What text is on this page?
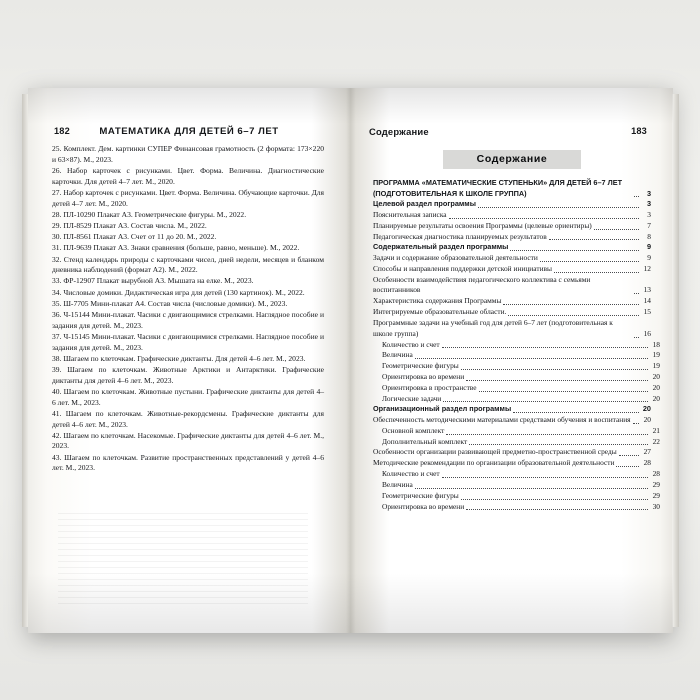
182	МАТЕМАТИКА ДЛЯ ДЕТЕЙ 6–7 ЛЕТ

25. Комплект. Дем. картинки СУПЕР Финансовая грамотность (2 формата: 173×220 и 63×87). М., 2023.

26. Набор карточек с рисунками. Цвет. Форма. Величина. Диагностические карточки. Для детей 4–7 лет. М., 2020.

27. Набор карточек с рисунками. Цвет. Форма. Величина. Обучающие карточки. Для детей 4–7 лет. М., 2020.

28. ПЛ-10290 Плакат А3. Геометрические фигуры. М., 2022.

29. ПЛ-8529 Плакат А3. Состав числа. М., 2022.

30. ПЛ-8561 Плакат А3. Счет от 11 до 20. М., 2022.

31. ПЛ-9639 Плакат А3. Знаки сравнения (больше, равно, меньше). М., 2022.

32. Стенд календарь природы с карточками чисел, дней недели, месяцев и бланком дневника наблюдений (формат А2). М., 2022.

33. ФР-12907 Плакат вырубной А3. Мышата на елке. М., 2023.

34. Числовые домики. Дидактическая игра для детей (130 картинок). М., 2022.

35. Ш-7705 Мини-плакат А4. Состав числа (числовые домики). М., 2023.

36. Ч-15144 Мини-плакат. Часики с двигающимися стрелками. Наглядное пособие и задания для детей. М., 2023.

37. Ч-15145 Мини-плакат. Часики с двигающимися стрелками. Наглядное пособие и задания для детей. М., 2023.

38. Шагаем по клеточкам. Графические диктанты. Для детей 4–6 лет. М., 2023.

39. Шагаем по клеточкам. Животные Арктики и Антарктики. Графические диктанты для детей 4–6 лет. М., 2023.

40. Шагаем по клеточкам. Животные пустыни. Графические диктанты для детей 4–6 лет. М., 2023.

41. Шагаем по клеточкам. Животные-рекордсмены. Графические диктанты для детей 4–6 лет. М., 2023.

42. Шагаем по клеточкам. Насекомые. Графические диктанты для детей 4–6 лет. М., 2023.

43. Шагаем по клеточкам. Развитие пространственных представлений у детей 4–6 лет. М., 2023.

Содержание	183
Содержание
ПРОГРАММА «МАТЕМАТИЧЕСКИЕ СТУПЕНЬКИ» ДЛЯ ДЕТЕЙ 6–7 ЛЕТ (ПОДГОТОВИТЕЛЬНАЯ К ШКОЛЕ ГРУППА)	3
Целевой раздел программы	3
Пояснительная записка	3
Планируемые результаты освоения Программы (целевые ориентиры)	7
Педагогическая диагностика планируемых результатов	8
Содержательный раздел программы	9
Задачи и содержание образовательной деятельности	9
Способы и направления поддержки детской инициативы	12
Особенности взаимодействия педагогического коллектива с семьями воспитанников	13
Характеристика содержания Программы	14
Интегрируемые образовательные области.	15
Программные задачи на учебный год для детей 6–7 лет (подготовительная к школе группа)	16
Количество и счет	18
Величина	19
Геометрические фигуры	19
Ориентировка во времени	20
Ориентировка в пространстве	20
Логические задачи	20
Организационный раздел программы	20
Обеспеченность методическими материалами средствами обучения и воспитания	20
Основной комплект	21
Дополнительный комплект	22
Особенности организации развивающей предметно-пространственной среды	27
Методические рекомендации по организации образовательной деятельности	28
Количество и счет	28
Величина	29
Геометрические фигуры	29
Ориентировка во времени	30
